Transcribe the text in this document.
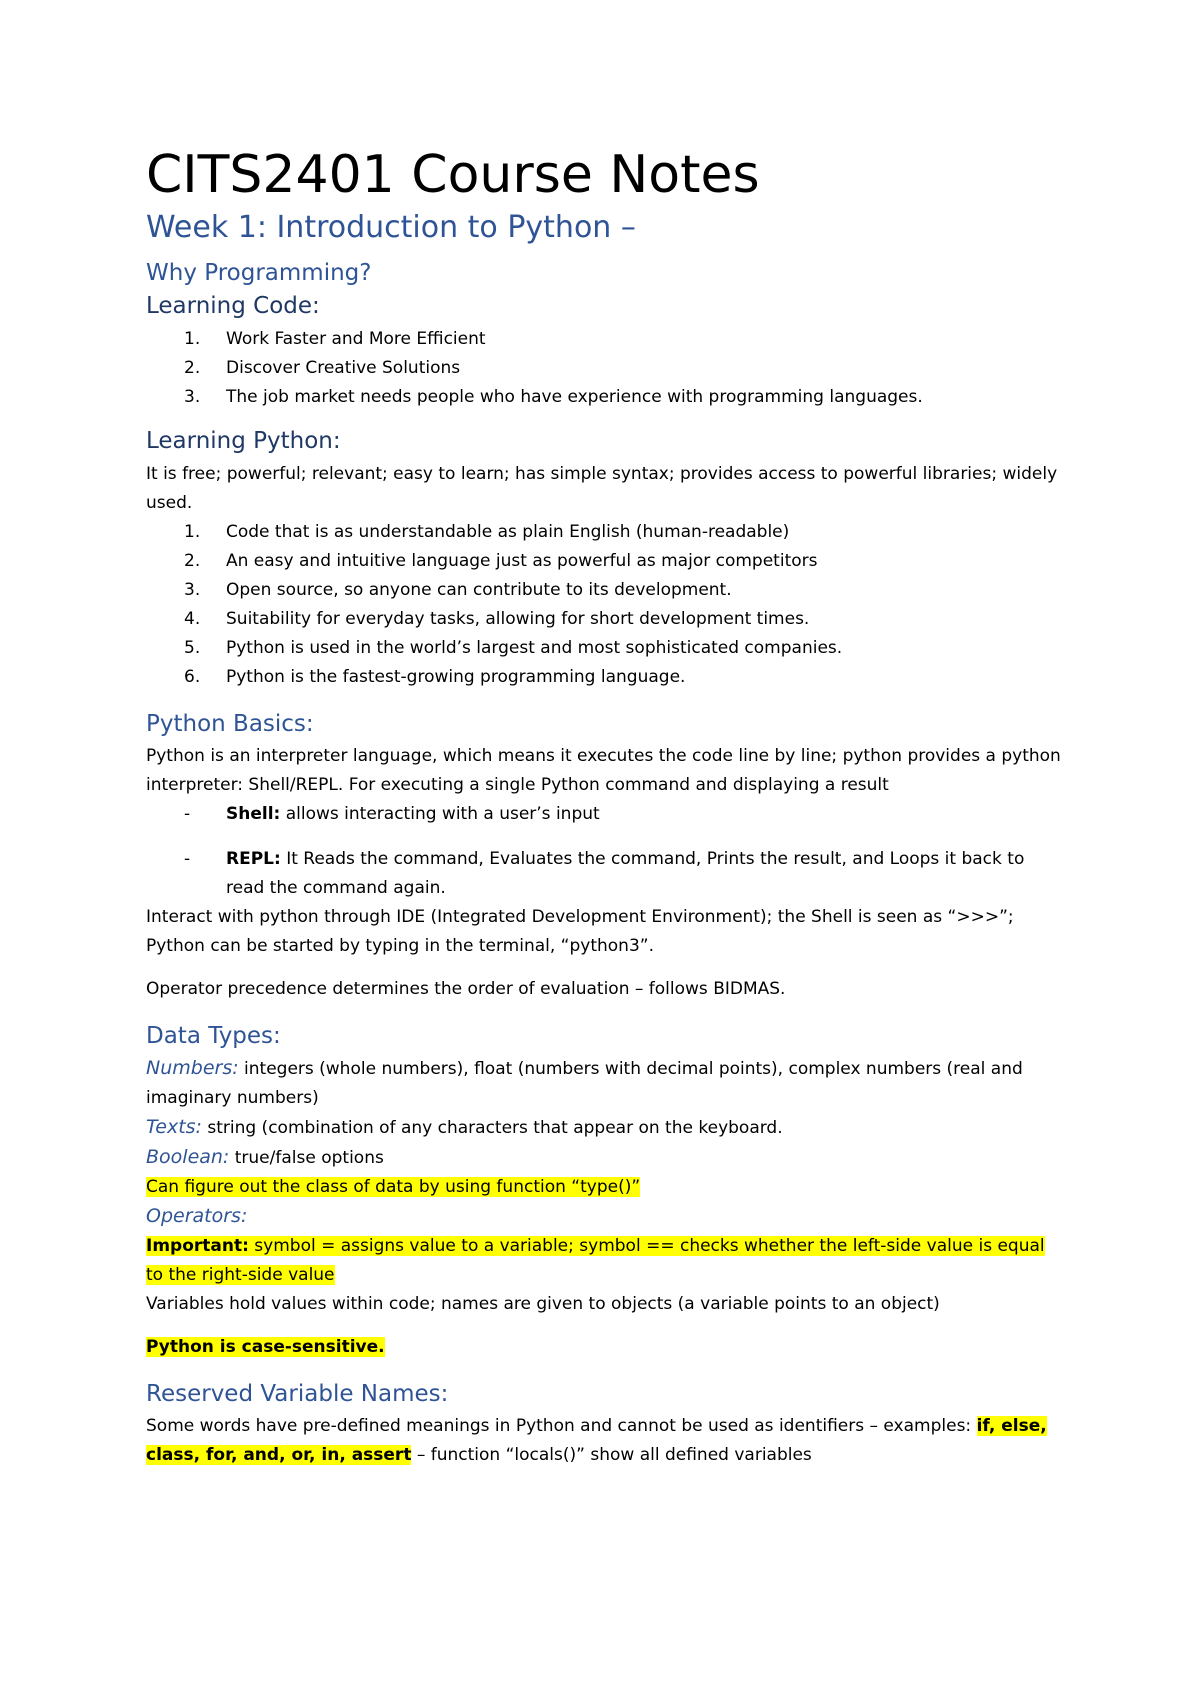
CITS2401 Course Notes
Week 1: Introduction to Python –
Why Programming?
Learning Code:
1.	Work Faster and More Efficient
2.	Discover Creative Solutions
3.	The job market needs people who have experience with programming languages.
Learning Python:

It is free; powerful; relevant; easy to learn; has simple syntax; provides access to powerful libraries; widely used.

1.	Code that is as understandable as plain English (human-readable)
2.	An easy and intuitive language just as powerful as major competitors
3.	Open source, so anyone can contribute to its development.
4.	Suitability for everyday tasks, allowing for short development times.
5.	Python is used in the world’s largest and most sophisticated companies.
6.	Python is the fastest-growing programming language.
Python Basics:

Python is an interpreter language, which means it executes the code line by line; python provides a python interpreter: Shell/REPL. For executing a single Python command and displaying a result

-	Shell: allows interacting with a user’s input
-	REPL: It Reads the command, Evaluates the command, Prints the result, and Loops it back to read the command again.

Interact with python through IDE (Integrated Development Environment); the Shell is seen as “>>>”; Python can be started by typing in the terminal, “python3”.

Operator precedence determines the order of evaluation – follows BIDMAS.

Data Types:

Numbers: integers (whole numbers), float (numbers with decimal points), complex numbers (real and imaginary numbers)

Texts: string (combination of any characters that appear on the keyboard.

Boolean: true/false options

Can figure out the class of data by using function “type()”

Operators:

Important: symbol = assigns value to a variable; symbol == checks whether the left-side value is equal to the right-side value

Variables hold values within code; names are given to objects (a variable points to an object)

Python is case-sensitive.

Reserved Variable Names:

Some words have pre-defined meanings in Python and cannot be used as identifiers – examples: if, else, class, for, and, or, in, assert – function “locals()” show all defined variables
